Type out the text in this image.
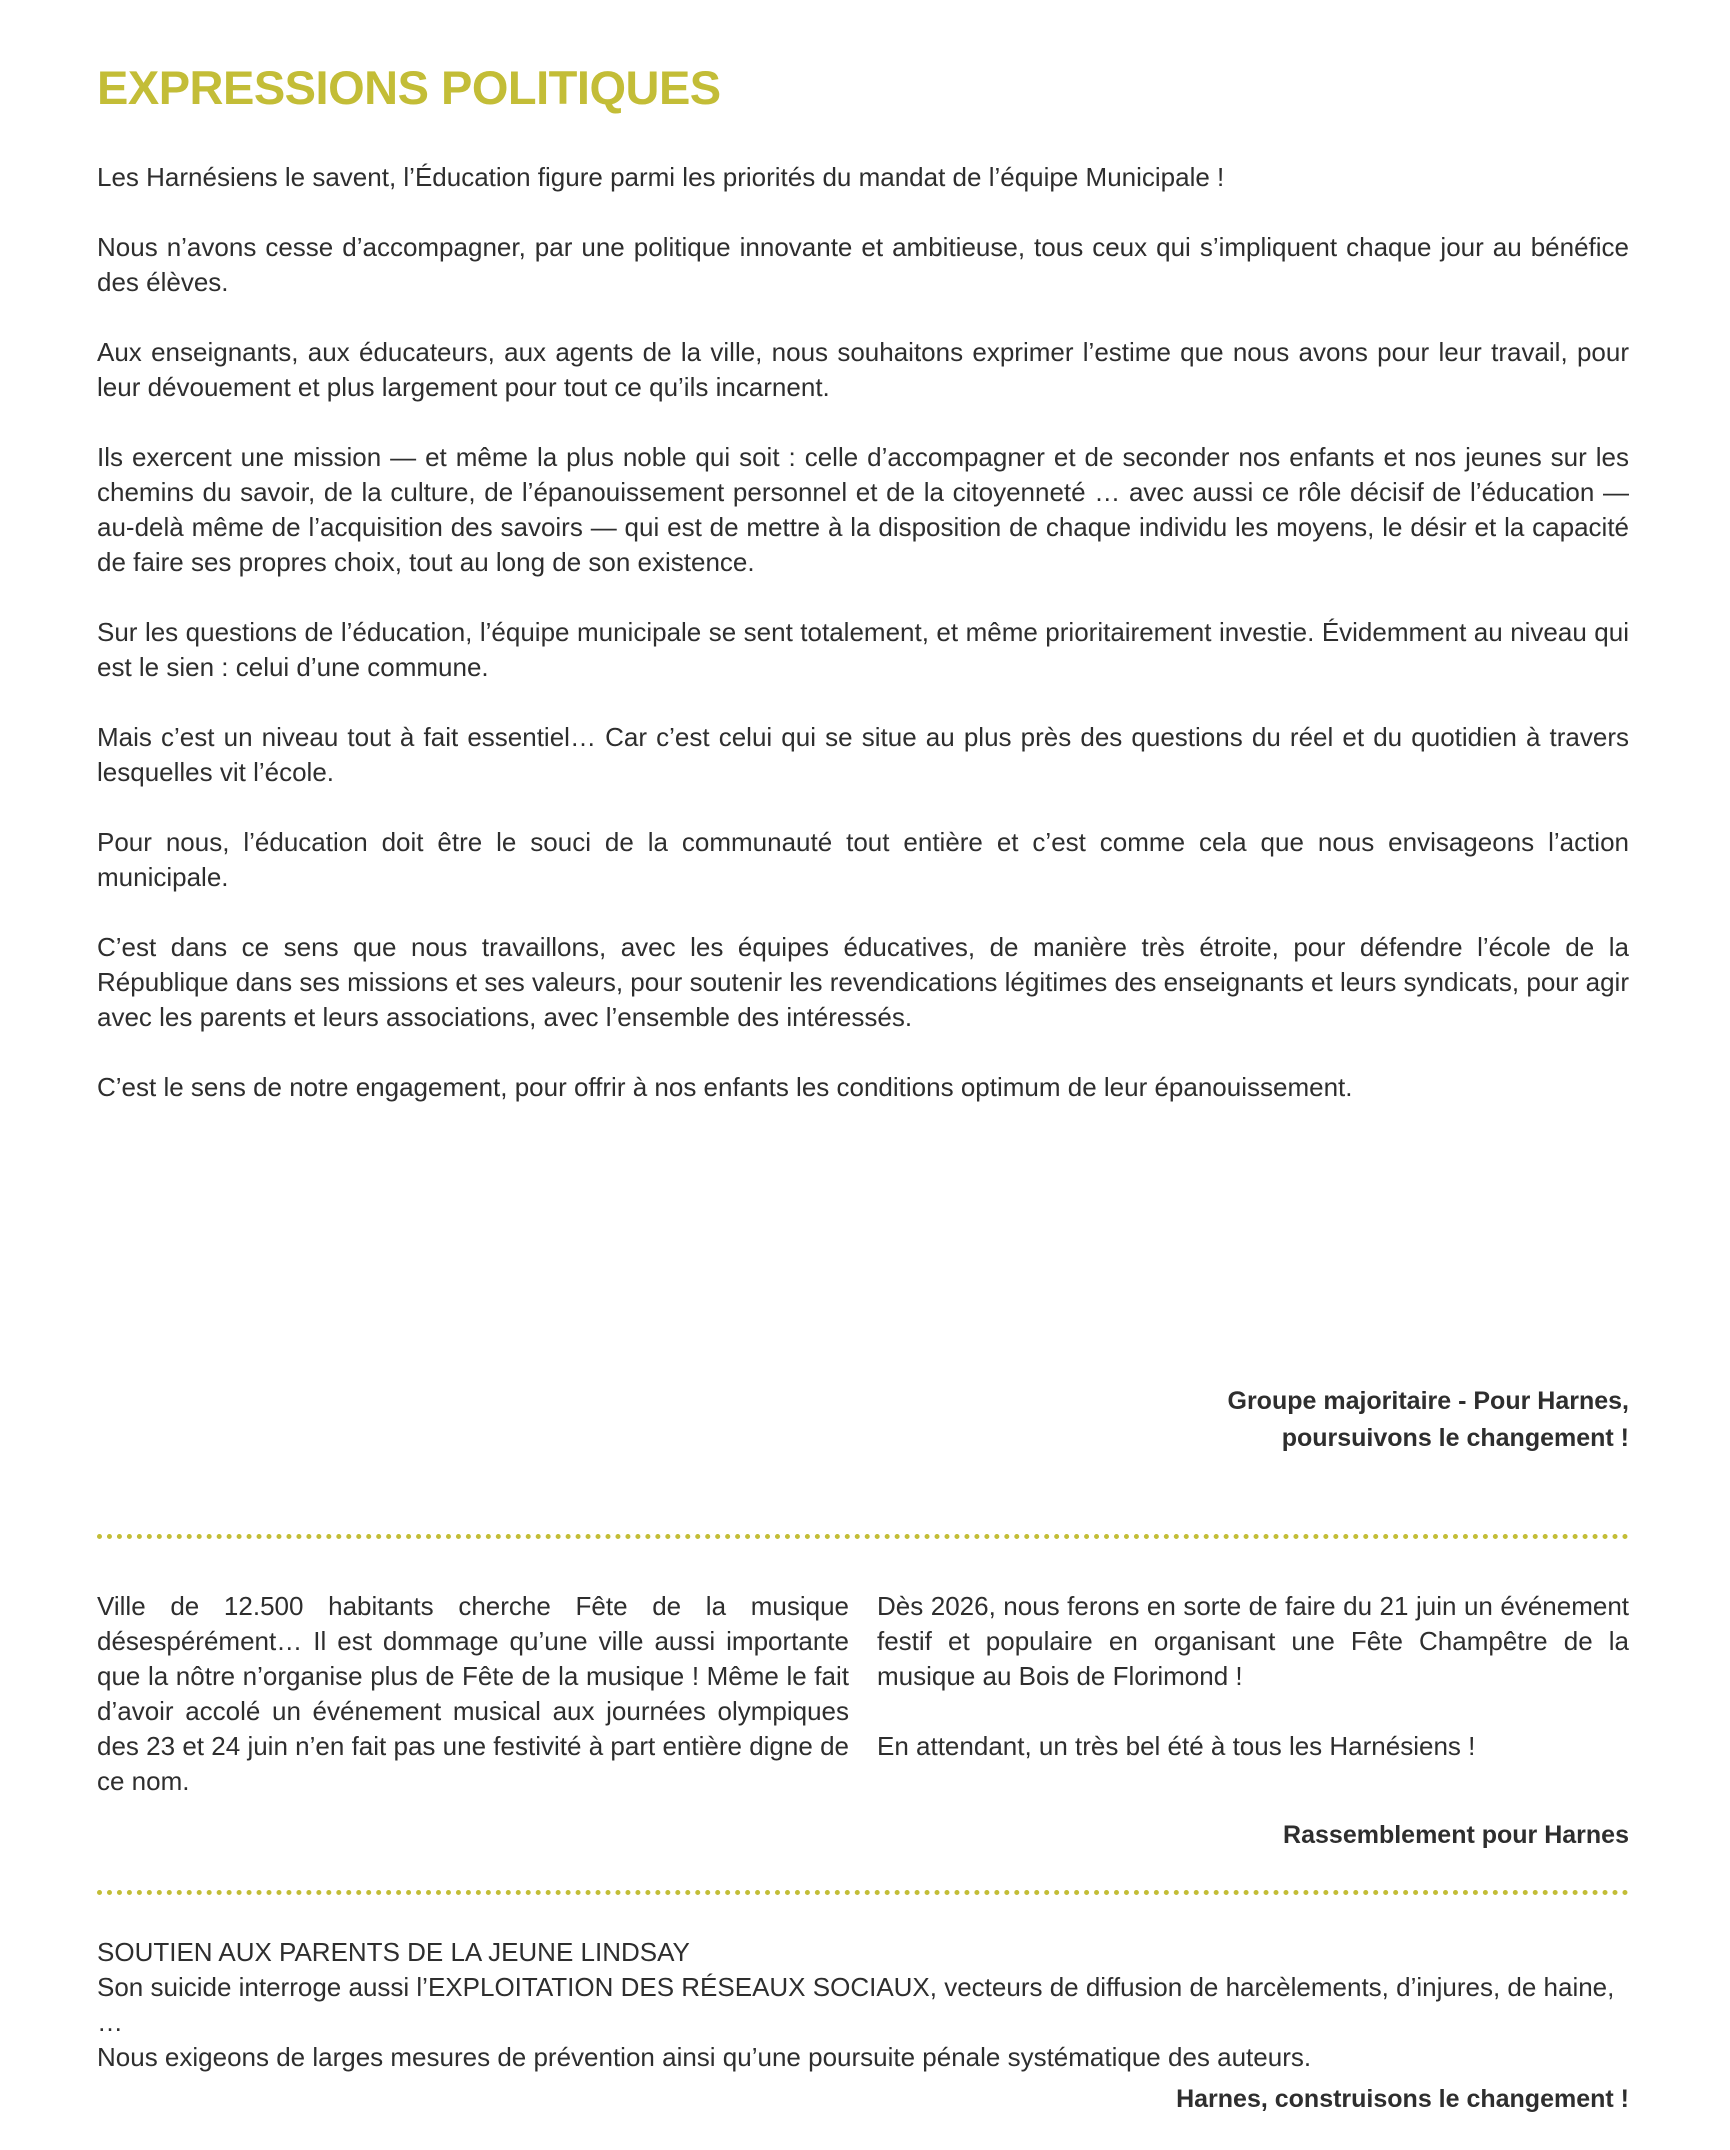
EXPRESSIONS POLITIQUES

Les Harnésiens le savent, l’Éducation figure parmi les priorités du mandat de l’équipe Municipale !

Nous n’avons cesse d’accompagner, par une politique innovante et ambitieuse, tous ceux qui s’impliquent chaque jour au bénéfice des élèves.

Aux enseignants, aux éducateurs, aux agents de la ville, nous souhaitons exprimer l’estime que nous avons pour leur travail, pour leur dévouement et plus largement pour tout ce qu’ils incarnent.

Ils exercent une mission — et même la plus noble qui soit : celle d’accompagner et de seconder nos enfants et nos jeunes sur les chemins du savoir, de la culture, de l’épanouissement personnel et de la citoyenneté … avec aussi ce rôle décisif de l’éducation — au-delà même de l’acquisition des savoirs — qui est de mettre à la disposition de chaque individu les moyens, le désir et la capacité de faire ses propres choix, tout au long de son existence.

Sur les questions de l’éducation, l’équipe municipale se sent totalement, et même prioritairement investie. Évidemment au niveau qui est le sien : celui d’une commune.

Mais c’est un niveau tout à fait essentiel… Car c’est celui qui se situe au plus près des questions du réel et du quotidien à travers lesquelles vit l’école.

Pour nous, l’éducation doit être le souci de la communauté tout entière et c’est comme cela que nous envisageons l’action municipale.

C’est dans ce sens que nous travaillons, avec les équipes éducatives, de manière très étroite, pour défendre l’école de la République dans ses missions et ses valeurs, pour soutenir les revendications légitimes des enseignants et leurs syndicats, pour agir avec les parents et leurs associations, avec l’ensemble des intéressés.

C’est le sens de notre engagement, pour offrir à nos enfants les conditions optimum de leur épanouissement.

Groupe majoritaire - Pour Harnes,
poursuivons le changement !

Ville de 12.500 habitants cherche Fête de la musique désespérément… Il est dommage qu’une ville aussi importante que la nôtre n’organise plus de Fête de la musique ! Même le fait d’avoir accolé un événement musical aux journées olympiques des 23 et 24 juin n’en fait pas une festivité à part entière digne de ce nom.

Dès 2026, nous ferons en sorte de faire du 21 juin un événement festif et populaire en organisant une Fête Champêtre de la musique au Bois de Florimond !

En attendant, un très bel été à tous les Harnésiens !

Rassemblement pour Harnes
SOUTIEN AUX PARENTS DE LA JEUNE LINDSAY
Son suicide interroge aussi l’EXPLOITATION DES RÉSEAUX SOCIAUX, vecteurs de diffusion de harcèlements, d’injures, de haine, …
Nous exigeons de larges mesures de prévention ainsi qu’une poursuite pénale systématique des auteurs.
Harnes, construisons le changement !
